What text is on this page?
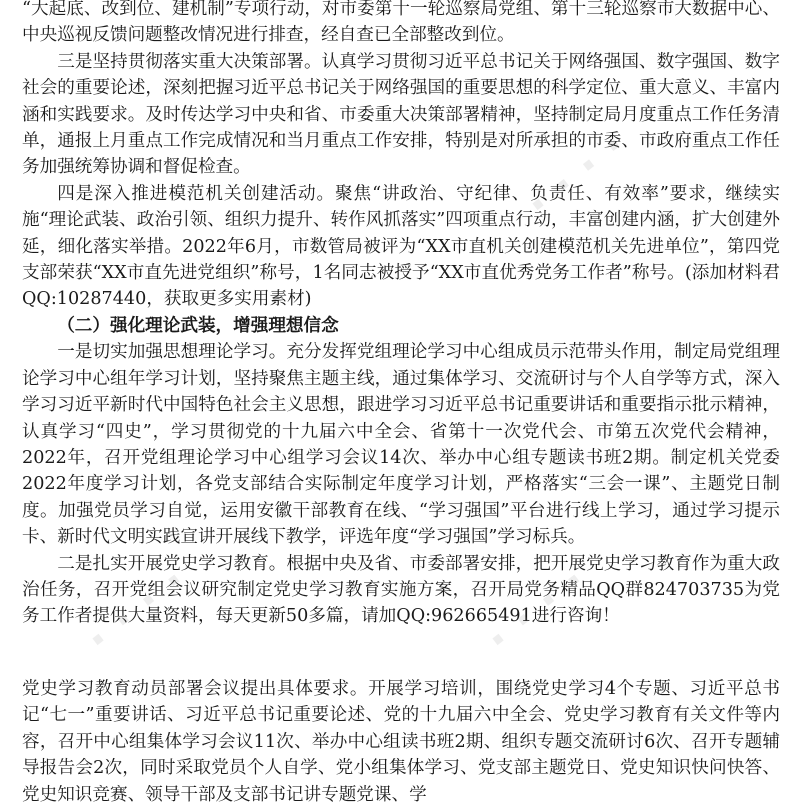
“大起底、改到位、建机制”专项行动，对市委第十一轮巡察局党组、第十三轮巡察市大数据中心、中央巡视反馈问题整改情况进行排查，经自查已全部整改到位。

三是坚持贯彻落实重大决策部署。认真学习贯彻习近平总书记关于网络强国、数字强国、数字社会的重要论述，深刻把握习近平总书记关于网络强国的重要思想的科学定位、重大意义、丰富内涵和实践要求。及时传达学习中央和省、市委重大决策部署精神，坚持制定局月度重点工作任务清单，通报上月重点工作完成情况和当月重点工作安排，特别是对所承担的市委、市政府重点工作任务加强统筹协调和督促检查。

四是深入推进模范机关创建活动。聚焦“讲政治、守纪律、负责任、有效率”要求，继续实施“理论武装、政治引领、组织力提升、转作风抓落实”四项重点行动，丰富创建内涵，扩大创建外延，细化落实举措。2022年6月，市数管局被评为“XX市直机关创建模范机关先进单位”，第四党支部荣获“XX市直先进党组织”称号，1名同志被授予“XX市直优秀党务工作者”称号。(添加材料君QQ:10287440，获取更多实用素材)

（二）强化理论武装，增强理想信念

一是切实加强思想理论学习。充分发挥党组理论学习中心组成员示范带头作用，制定局党组理论学习中心组年学习计划，坚持聚焦主题主线，通过集体学习、交流研讨与个人自学等方式，深入学习习近平新时代中国特色社会主义思想，跟进学习习近平总书记重要讲话和重要指示批示精神，认真学习“四史”，学习贯彻党的十九届六中全会、省第十一次党代会、市第五次党代会精神，2022年，召开党组理论学习中心组学习会议14次、举办中心组专题读书班2期。制定机关党委2022年度学习计划，各党支部结合实际制定年度学习计划，严格落实“三会一课”、主题党日制度。加强党员学习自觉，运用安徽干部教育在线、“学习强国”平台进行线上学习，通过学习提示卡、新时代文明实践宣讲开展线下教学，评选年度“学习强国”学习标兵。

二是扎实开展党史学习教育。根据中央及省、市委部署安排，把开展党史学习教育作为重大政治任务，召开党组会议研究制定党史学习教育实施方案，召开局党务精品QQ群824703735为党务工作者提供大量资料，每天更新50多篇，请加QQ:962665491进行咨询！

党史学习教育动员部署会议提出具体要求。开展学习培训，围绕党史学习4个专题、习近平总书记“七一”重要讲话、习近平总书记重要论述、党的十九届六中全会、党史学习教育有关文件等内容，召开中心组集体学习会议11次、举办中心组读书班2期、组织专题交流研讨6次、召开专题辅导报告会2次，同时采取党员个人自学、党小组集体学习、党支部主题党日、党史知识快问快答、党史知识竞赛、领导干部及支部书记讲专题党课、学

· · · ·	· · · ·
· · · ·
